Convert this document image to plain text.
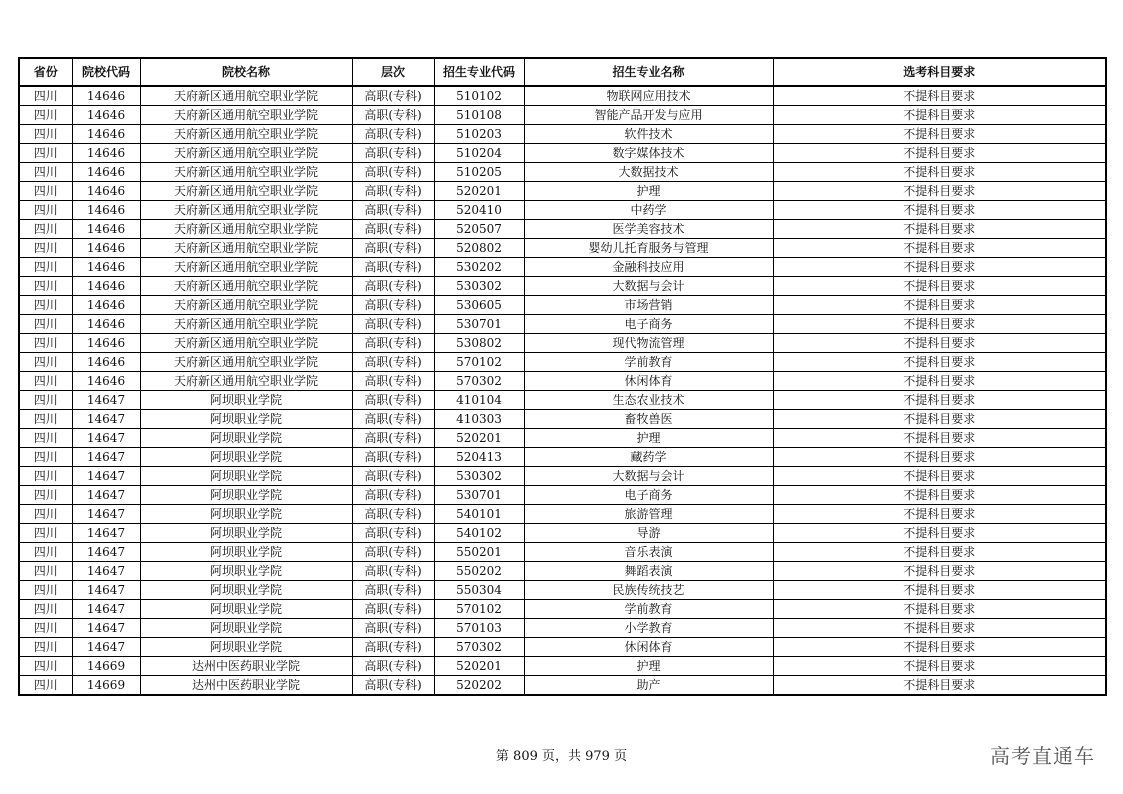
省份	院校代码	院校名称	层次	招生专业代码	招生专业名称	选考科目要求
四川	14646	天府新区通用航空职业学院	高职(专科)	510102	物联网应用技术	不提科目要求
四川	14646	天府新区通用航空职业学院	高职(专科)	510108	智能产品开发与应用	不提科目要求
四川	14646	天府新区通用航空职业学院	高职(专科)	510203	软件技术	不提科目要求
四川	14646	天府新区通用航空职业学院	高职(专科)	510204	数字媒体技术	不提科目要求
四川	14646	天府新区通用航空职业学院	高职(专科)	510205	大数据技术	不提科目要求
四川	14646	天府新区通用航空职业学院	高职(专科)	520201	护理	不提科目要求
四川	14646	天府新区通用航空职业学院	高职(专科)	520410	中药学	不提科目要求
四川	14646	天府新区通用航空职业学院	高职(专科)	520507	医学美容技术	不提科目要求
四川	14646	天府新区通用航空职业学院	高职(专科)	520802	婴幼儿托育服务与管理	不提科目要求
四川	14646	天府新区通用航空职业学院	高职(专科)	530202	金融科技应用	不提科目要求
四川	14646	天府新区通用航空职业学院	高职(专科)	530302	大数据与会计	不提科目要求
四川	14646	天府新区通用航空职业学院	高职(专科)	530605	市场营销	不提科目要求
四川	14646	天府新区通用航空职业学院	高职(专科)	530701	电子商务	不提科目要求
四川	14646	天府新区通用航空职业学院	高职(专科)	530802	现代物流管理	不提科目要求
四川	14646	天府新区通用航空职业学院	高职(专科)	570102	学前教育	不提科目要求
四川	14646	天府新区通用航空职业学院	高职(专科)	570302	休闲体育	不提科目要求
四川	14647	阿坝职业学院	高职(专科)	410104	生态农业技术	不提科目要求
四川	14647	阿坝职业学院	高职(专科)	410303	畜牧兽医	不提科目要求
四川	14647	阿坝职业学院	高职(专科)	520201	护理	不提科目要求
四川	14647	阿坝职业学院	高职(专科)	520413	藏药学	不提科目要求
四川	14647	阿坝职业学院	高职(专科)	530302	大数据与会计	不提科目要求
四川	14647	阿坝职业学院	高职(专科)	530701	电子商务	不提科目要求
四川	14647	阿坝职业学院	高职(专科)	540101	旅游管理	不提科目要求
四川	14647	阿坝职业学院	高职(专科)	540102	导游	不提科目要求
四川	14647	阿坝职业学院	高职(专科)	550201	音乐表演	不提科目要求
四川	14647	阿坝职业学院	高职(专科)	550202	舞蹈表演	不提科目要求
四川	14647	阿坝职业学院	高职(专科)	550304	民族传统技艺	不提科目要求
四川	14647	阿坝职业学院	高职(专科)	570102	学前教育	不提科目要求
四川	14647	阿坝职业学院	高职(专科)	570103	小学教育	不提科目要求
四川	14647	阿坝职业学院	高职(专科)	570302	休闲体育	不提科目要求
四川	14669	达州中医药职业学院	高职(专科)	520201	护理	不提科目要求
四川	14669	达州中医药职业学院	高职(专科)	520202	助产	不提科目要求
第 809 页，共 979 页	高考直通车
